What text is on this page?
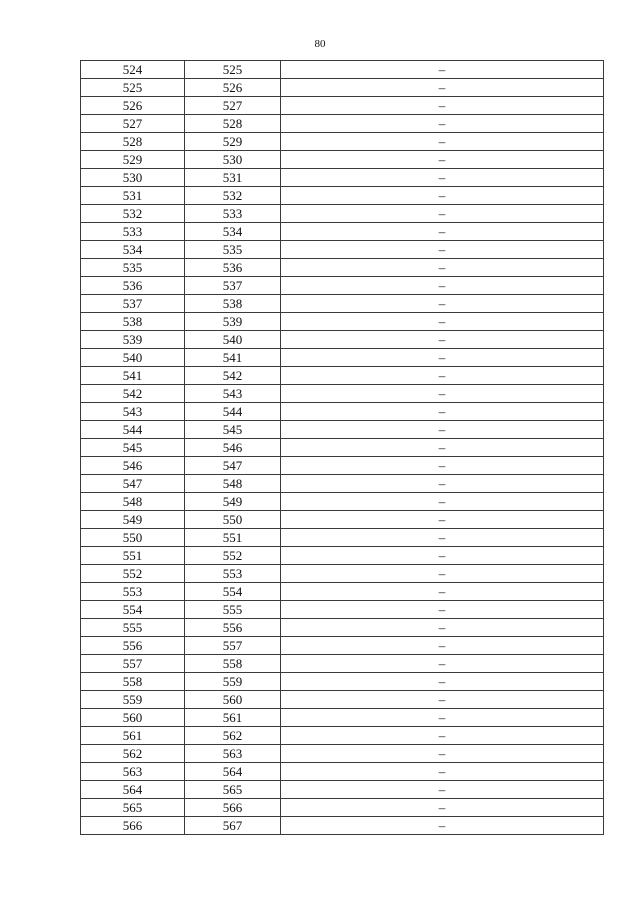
80
524	525	–
525	526	–
526	527	–
527	528	–
528	529	–
529	530	–
530	531	–
531	532	–
532	533	–
533	534	–
534	535	–
535	536	–
536	537	–
537	538	–
538	539	–
539	540	–
540	541	–
541	542	–
542	543	–
543	544	–
544	545	–
545	546	–
546	547	–
547	548	–
548	549	–
549	550	–
550	551	–
551	552	–
552	553	–
553	554	–
554	555	–
555	556	–
556	557	–
557	558	–
558	559	–
559	560	–
560	561	–
561	562	–
562	563	–
563	564	–
564	565	–
565	566	–
566	567	–
